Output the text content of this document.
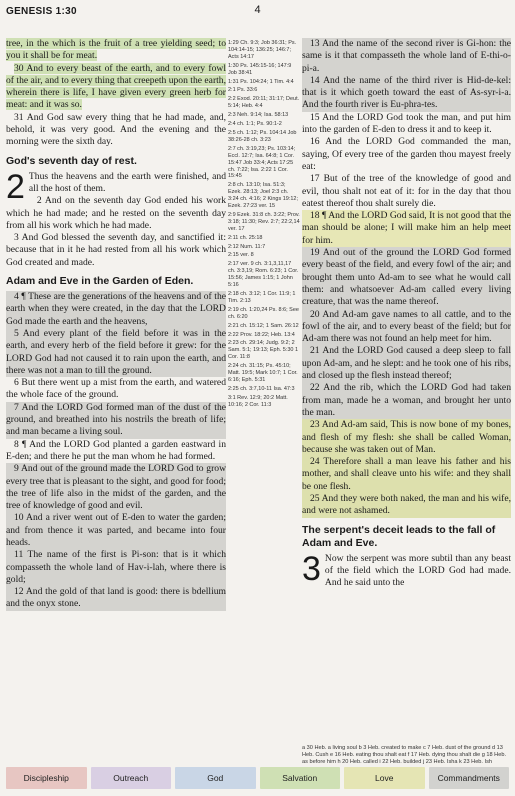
GENESIS 1:30	4

tree, in the which is the fruit of a tree yielding seed; to you it shall be for meat.

30 And to every beast of the earth, and to every fowl of the air, and to every thing that creepeth upon the earth, wherein there is life, I have given every green herb for meat: and it was so.

31 And God saw every thing that he had made, and, behold, it was very good. And the evening and the morning were the sixth day.

God's seventh day of rest.

2 Thus the heavens and the earth were finished, and all the host of them.

2 And on the seventh day God ended his work which he had made; and he rested on the seventh day from all his work which he had made.

3 And God blessed the seventh day, and sanctified it: because that in it he had rested from all his work which God created and made.

Adam and Eve in the Garden of Eden.

4 ¶ These are the generations of the heavens and of the earth when they were created, in the day that the LORD God made the earth and the heavens,

5 And every plant of the field before it was in the earth, and every herb of the field before it grew: for the LORD God had not caused it to rain upon the earth, and there was not a man to till the ground.

6 But there went up a mist from the earth, and watered the whole face of the ground.

7 And the LORD God formed man of the dust of the ground, and breathed into his nostrils the breath of life; and man became a living soul.

8 ¶ And the LORD God planted a garden eastward in E-den; and there he put the man whom he had formed.

9 And out of the ground made the LORD God to grow every tree that is pleasant to the sight, and good for food; the tree of life also in the midst of the garden, and the tree of knowledge of good and evil.

10 And a river went out of E-den to water the garden; and from thence it was parted, and became into four heads.

11 The name of the first is Pi-son: that is it which compasseth the whole land of Hav-i-lah, where there is gold;

12 And the gold of that land is good: there is bdellium and the onyx stone.

1:29 Ch. 9:3; Job 36:31; Ps. 104:14-15; 136:25; 146:7; Acts 14:17
1:30 Ps. 145:15-16; 147:9 Job 38:41
1:31 Ps. 104:24; 1 Tim. 4:4
2:1 Ps. 33:6
2:2 Exod. 20:11; 31:17; Deut. 5:14; Heb. 4:4
2:3 Neh. 9:14; Isa. 58:13
2:4 ch. 1:1; Ps. 90:1-2
2:5 ch. 1:12; Ps. 104:14 Job 38:26-28 ch. 3:23
2:7 ch. 3:19,23; Ps. 103:14; Eccl. 12:7; Isa. 64:8; 1 Cor. 15:47 Job 33:4; Acts 17:25 ch. 7:22; Isa. 2:22 1 Cor. 15:45
2:8 ch. 13:10; Isa. 51:3; Ezek. 28:13; Joel 2:3 ch. 3:24 ch. 4:16; 2 Kings 19:12; Ezek. 27:23 ver. 15
2:9 Ezek. 31:8 ch. 3:22; Prov. 3:18; 11:30; Rev. 2:7; 22:2,14 ver. 17
2:11 ch. 25:18
2:12 Num. 11:7
2:15 ver. 8
2:17 ver. 9 ch. 3:1,3,11,17 ch. 3:3,19; Rom. 6:23; 1 Cor. 15:56; James 1:15; 1 John 5:16
2:18 ch. 3:12; 1 Cor. 11:9; 1 Tim. 2:13
2:19 ch. 1:20,24 Ps. 8:6; See ch. 6:20
2:21 ch. 15:12; 1 Sam. 26:12
2:22 Prov. 18:22; Heb. 13:4
2:23 ch. 29:14; Judg. 9:2; 2 Sam. 5:1; 19:13; Eph. 5:30 1 Cor. 11:8
2:24 ch. 31:15; Ps. 45:10; Matt. 19:5; Mark 10:7; 1 Cor. 6:16; Eph. 5:31
2:25 ch. 3:7,10-11 Isa. 47:3
3:1 Rev. 12:9; 20:2 Matt. 10:16; 2 Cor. 11:3

13 And the name of the second river is Gi-hon: the same is it that compasseth the whole land of E-thi-o-pi-a.

14 And the name of the third river is Hid-de-kel: that is it which goeth toward the east of As-syr-i-a. And the fourth river is Eu-phra-tes.

15 And the LORD God took the man, and put him into the garden of E-den to dress it and to keep it.

16 And the LORD God commanded the man, saying, Of every tree of the garden thou mayest freely eat:

17 But of the tree of the knowledge of good and evil, thou shalt not eat of it: for in the day that thou eatest thereof thou shalt surely die.

18 ¶ And the LORD God said, It is not good that the man should be alone; I will make him an help meet for him.

19 And out of the ground the LORD God formed every beast of the field, and every fowl of the air; and brought them unto Ad-am to see what he would call them: and whatsoever Ad-am called every living creature, that was the name thereof.

20 And Ad-am gave names to all cattle, and to the fowl of the air, and to every beast of the field; but for Ad-am there was not found an help meet for him.

21 And the LORD God caused a deep sleep to fall upon Ad-am, and he slept: and he took one of his ribs, and closed up the flesh instead thereof;

22 And the rib, which the LORD God had taken from man, made he a woman, and brought her unto the man.

23 And Ad-am said, This is now bone of my bones, and flesh of my flesh: she shall be called Woman, because she was taken out of Man.

24 Therefore shall a man leave his father and his mother, and shall cleave unto his wife: and they shall be one flesh.

25 And they were both naked, the man and his wife, and were not ashamed.

The serpent's deceit leads to the fall of Adam and Eve.

3 Now the serpent was more subtil than any beast of the field which the LORD God had made. And he said unto the

a 30 Heb. a living soul b 3 Heb. created to make c 7 Heb. dust of the ground d 13 Heb. Cush e 16 Heb. eating thou shalt eat f 17 Heb. dying thou shalt die g 18 Heb. as before him h 20 Heb. called i 22 Heb. builded j 23 Heb. Isha k 23 Heb. Ish
Discipleship	Outreach	God	Salvation	Love	Commandments
